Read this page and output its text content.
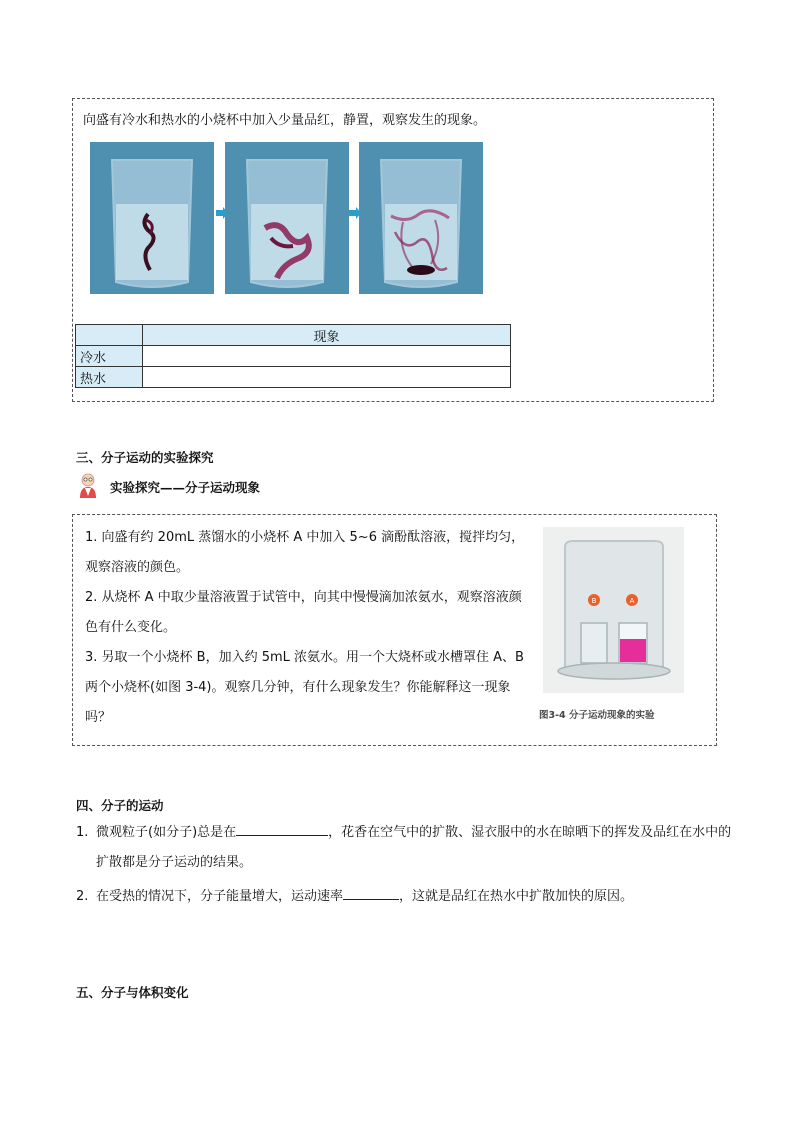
向盛有冷水和热水的小烧杯中加入少量品红，静置，观察发生的现象。
	现象
冷水	
热水	
三、分子运动的实验探究
实验探究——分子运动现象
1. 向盛有约 20mL 蒸馏水的小烧杯 A 中加入 5~6 滴酚酞溶液，搅拌均匀，观察溶液的颜色。
2. 从烧杯 A 中取少量溶液置于试管中，向其中慢慢滴加浓氨水，观察溶液颜色有什么变化。
3. 另取一个小烧杯 B，加入约 5mL 浓氨水。用一个大烧杯或水槽罩住 A、B 两个小烧杯(如图 3-4)。观察几分钟，有什么现象发生？你能解释这一现象吗？
B	A
图3-4 分子运动现象的实验
四、分子的运动
1. 微观粒子(如分子)总是在	，花香在空气中的扩散、湿衣服中的水在晾晒下的挥发及品红在水中的扩散都是分子运动的结果。
2. 在受热的情况下，分子能量增大，运动速率	，这就是品红在热水中扩散加快的原因。
五、分子与体积变化
